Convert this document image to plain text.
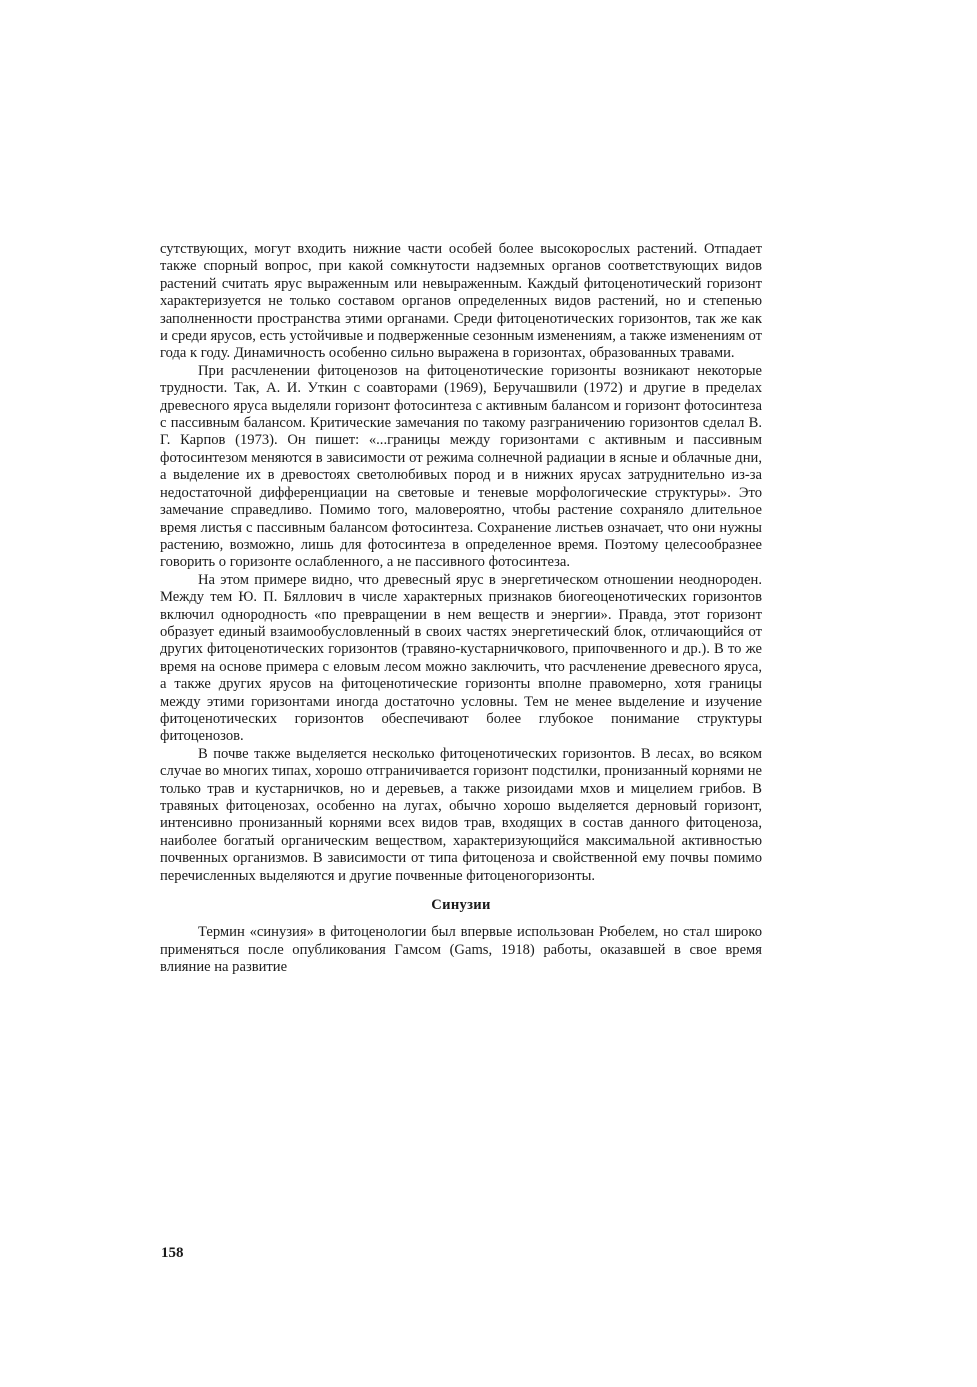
сутствующих, могут входить нижние части особей более высокорослых растений. Отпадает также спорный вопрос, при какой сомкнутости надземных органов соответствующих видов растений считать ярус выраженным или невыраженным. Каждый фитоценотический горизонт характеризуется не только составом органов определенных видов растений, но и степенью заполненности пространства этими органами. Среди фитоценотических горизонтов, так же как и среди ярусов, есть устойчивые и подверженные сезонным изменениям, а также изменениям от года к году. Динамичность особенно сильно выражена в горизонтах, образованных травами.

При расчленении фитоценозов на фитоценотические горизонты возникают некоторые трудности. Так, А. И. Уткин с соавторами (1969), Беручашвили (1972) и другие в пределах древесного яруса выделяли горизонт фотосинтеза с активным балансом и горизонт фотосинтеза с пассивным балансом. Критические замечания по такому разграничению горизонтов сделал В. Г. Карпов (1973). Он пишет: «...границы между горизонтами с активным и пассивным фотосинтезом меняются в зависимости от режима солнечной радиации в ясные и облачные дни, а выделение их в древостоях светолюбивых пород и в нижних ярусах затруднительно из-за недостаточной дифференциации на световые и теневые морфологические структуры». Это замечание справедливо. Помимо того, маловероятно, чтобы растение сохраняло длительное время листья с пассивным балансом фотосинтеза. Сохранение листьев означает, что они нужны растению, возможно, лишь для фотосинтеза в определенное время. Поэтому целесообразнее говорить о горизонте ослабленного, а не пассивного фотосинтеза.

На этом примере видно, что древесный ярус в энергетическом отношении неоднороден. Между тем Ю. П. Бяллович в числе характерных признаков биогеоценотических горизонтов включил однородность «по превращении в нем веществ и энергии». Правда, этот горизонт образует единый взаимообусловленный в своих частях энергетический блок, отличающийся от других фитоценотических горизонтов (травяно-кустарничкового, припочвенного и др.). В то же время на основе примера с еловым лесом можно заключить, что расчленение древесного яруса, а также других ярусов на фитоценотические горизонты вполне правомерно, хотя границы между этими горизонтами иногда достаточно условны. Тем не менее выделение и изучение фитоценотических горизонтов обеспечивают более глубокое понимание структуры фитоценозов.

В почве также выделяется несколько фитоценотических горизонтов. В лесах, во всяком случае во многих типах, хорошо отграничивается горизонт подстилки, пронизанный корнями не только трав и кустарничков, но и деревьев, а также ризоидами мхов и мицелием грибов. В травяных фитоценозах, особенно на лугах, обычно хорошо выделяется дерновый горизонт, интенсивно пронизанный корнями всех видов трав, входящих в состав данного фитоценоза, наиболее богатый органическим веществом, характеризующийся максимальной активностью почвенных организмов. В зависимости от типа фитоценоза и свойственной ему почвы помимо перечисленных выделяются и другие почвенные фитоценогоризонты.

Синузии

Термин «синузия» в фитоценологии был впервые использован Рюбелем, но стал широко применяться после опубликования Гамсом (Gams, 1918) работы, оказавшей в свое время влияние на развитие

158
